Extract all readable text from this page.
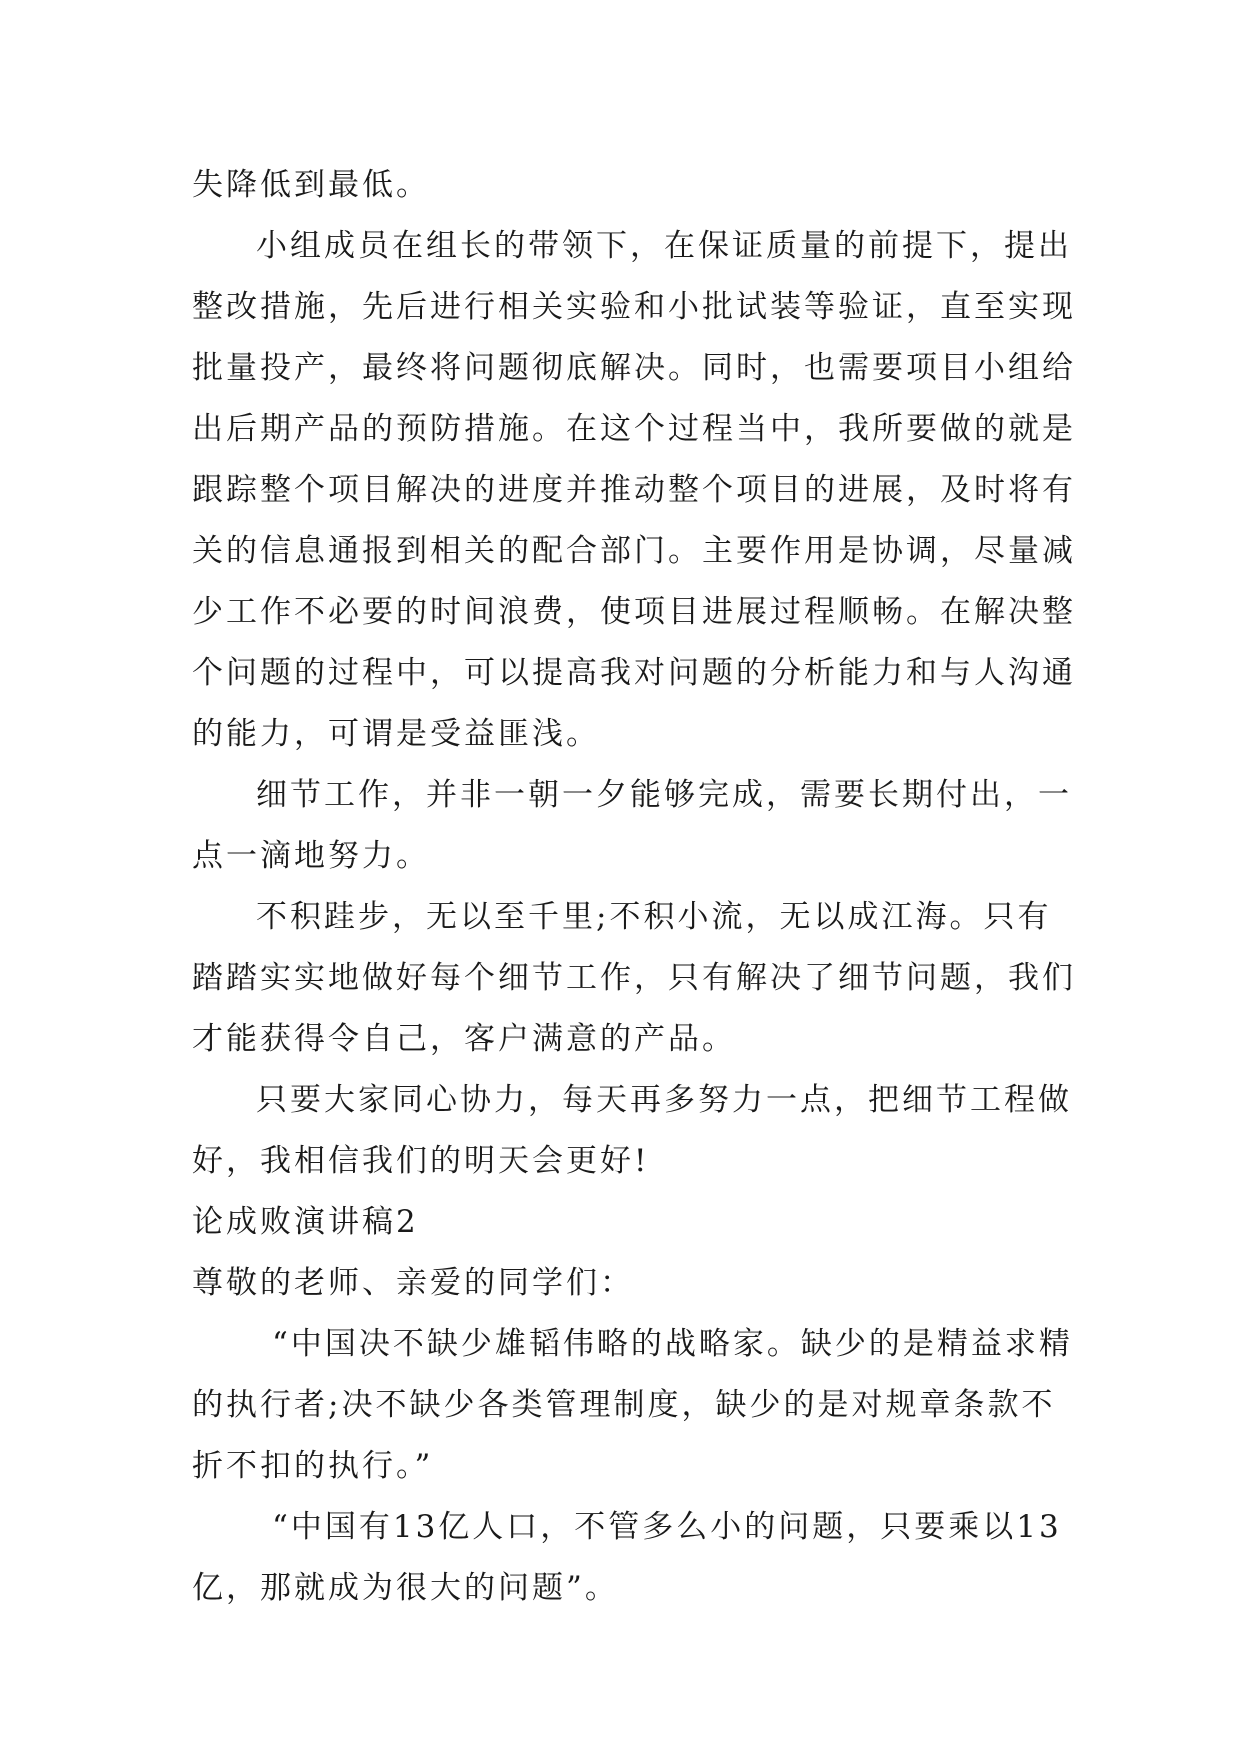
失降低到最低。
小组成员在组长的带领下，在保证质量的前提下，提出
整改措施，先后进行相关实验和小批试装等验证，直至实现
批量投产，最终将问题彻底解决。同时，也需要项目小组给
出后期产品的预防措施。在这个过程当中，我所要做的就是
跟踪整个项目解决的进度并推动整个项目的进展，及时将有
关的信息通报到相关的配合部门。主要作用是协调，尽量减
少工作不必要的时间浪费，使项目进展过程顺畅。在解决整
个问题的过程中，可以提高我对问题的分析能力和与人沟通
的能力，可谓是受益匪浅。
细节工作，并非一朝一夕能够完成，需要长期付出，一
点一滴地努力。
不积跬步，无以至千里;不积小流，无以成江海。只有
踏踏实实地做好每个细节工作，只有解决了细节问题，我们
才能获得令自己，客户满意的产品。
只要大家同心协力，每天再多努力一点，把细节工程做
好，我相信我们的明天会更好!
论成败演讲稿2
尊敬的老师、亲爱的同学们：
“中国决不缺少雄韬伟略的战略家。缺少的是精益求精
的执行者;决不缺少各类管理制度，缺少的是对规章条款不
折不扣的执行。”
“中国有13亿人口，不管多么小的问题，只要乘以13
亿，那就成为很大的问题”。
